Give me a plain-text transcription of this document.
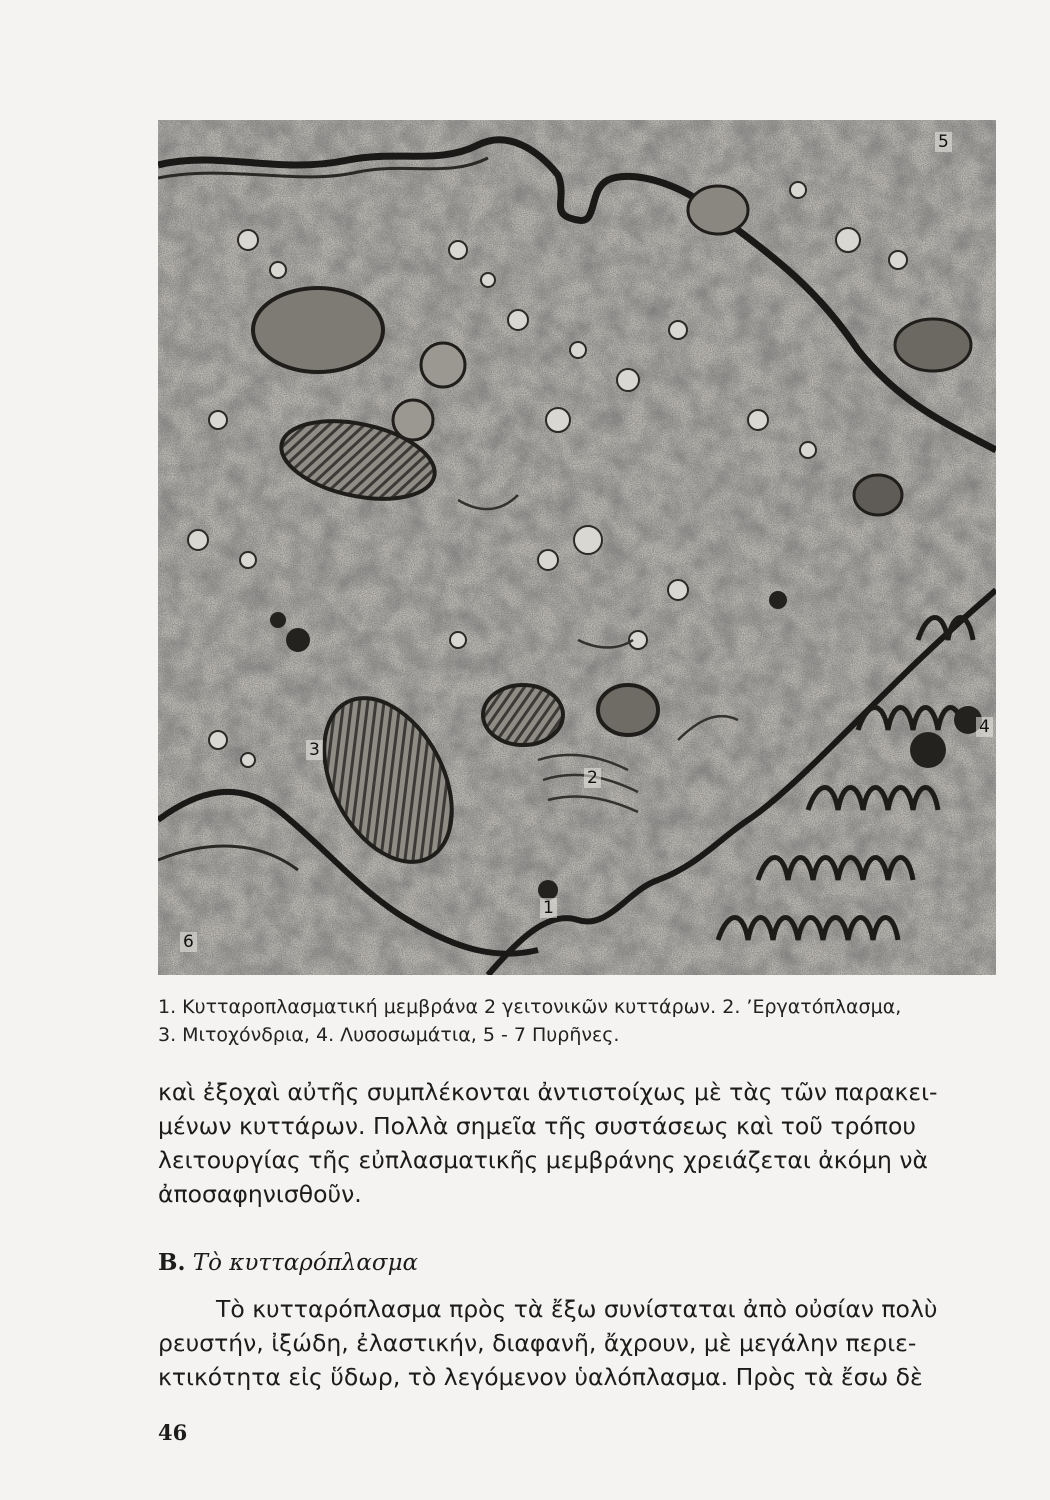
5
4
3
2
1
6

1. Κυτταροπλασματική μεμβράνα 2 γειτονικῶν κυττάρων. 2. ’Εργατόπλασμα,

3. Μιτοχόνδρια, 4. Λυσοσωμάτια, 5 - 7 Πυρῆνες.

καὶ ἐξοχαὶ αὐτῆς συμπλέκονται ἀντιστοίχως μὲ τὰς τῶν παρακει-

μένων κυττάρων. Πολλὰ σημεῖα τῆς συστάσεως καὶ τοῦ τρόπου

λειτουργίας τῆς εὐπλασματικῆς μεμβράνης χρειάζεται ἀκόμη νὰ

ἀποσαφηνισθοῦν.

Β. Τὸ κυτταρόπλασμα

Τὸ κυτταρόπλασμα πρὸς τὰ ἔξω συνίσταται ἀπὸ οὐσίαν πολὺ

ρευστήν, ἰξώδη, ἐλαστικήν, διαφανῆ, ἄχρουν, μὲ μεγάλην περιε-

κτικότητα εἰς ὕδωρ, τὸ λεγόμενον ὑαλόπλασμα. Πρὸς τὰ ἔσω δὲ

46
